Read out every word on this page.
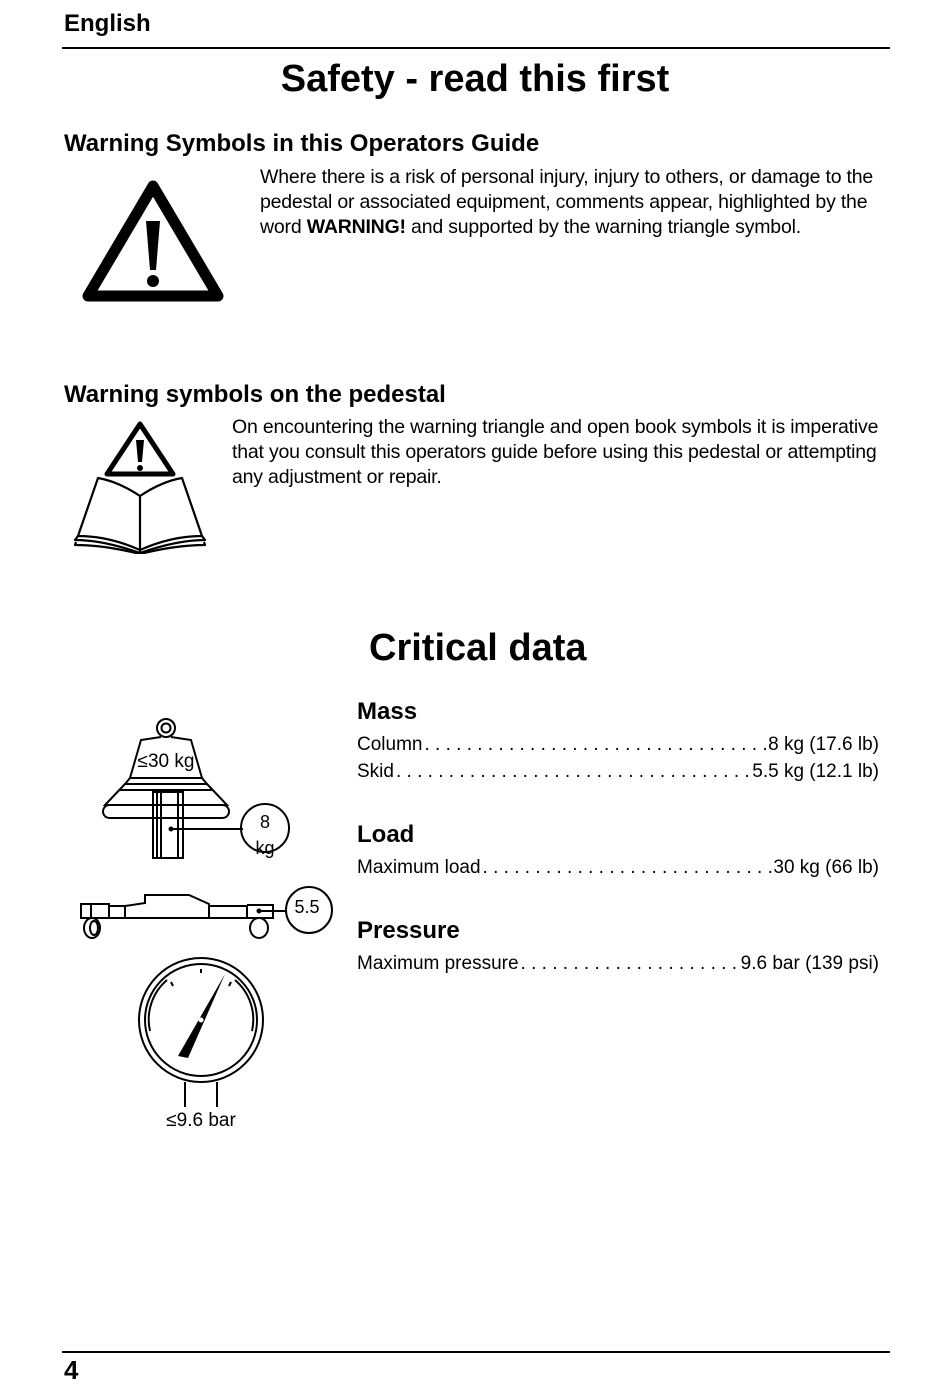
English
Safety - read this first
Warning Symbols in this Operators Guide
Where there is a risk of personal injury, injury to others, or damage to the pedestal or associated equipment, comments appear, highlighted by the word WARNING! and supported by the warning triangle symbol.
Warning symbols on the pedestal
On encountering the warning triangle and open book symbols it is imperative that you consult this operators guide before using this pedestal or attempting any adjustment or repair.
Critical data
≤30 kg
8
kg
5.5
≤9.6 bar
Mass
Column . . .	8 kg (17.6 lb)
Skid . . .	5.5 kg (12.1 lb)
Load
Maximum load . . .	30 kg (66 lb)
Pressure
Maximum pressure . . .	9.6 bar (139 psi)
4
